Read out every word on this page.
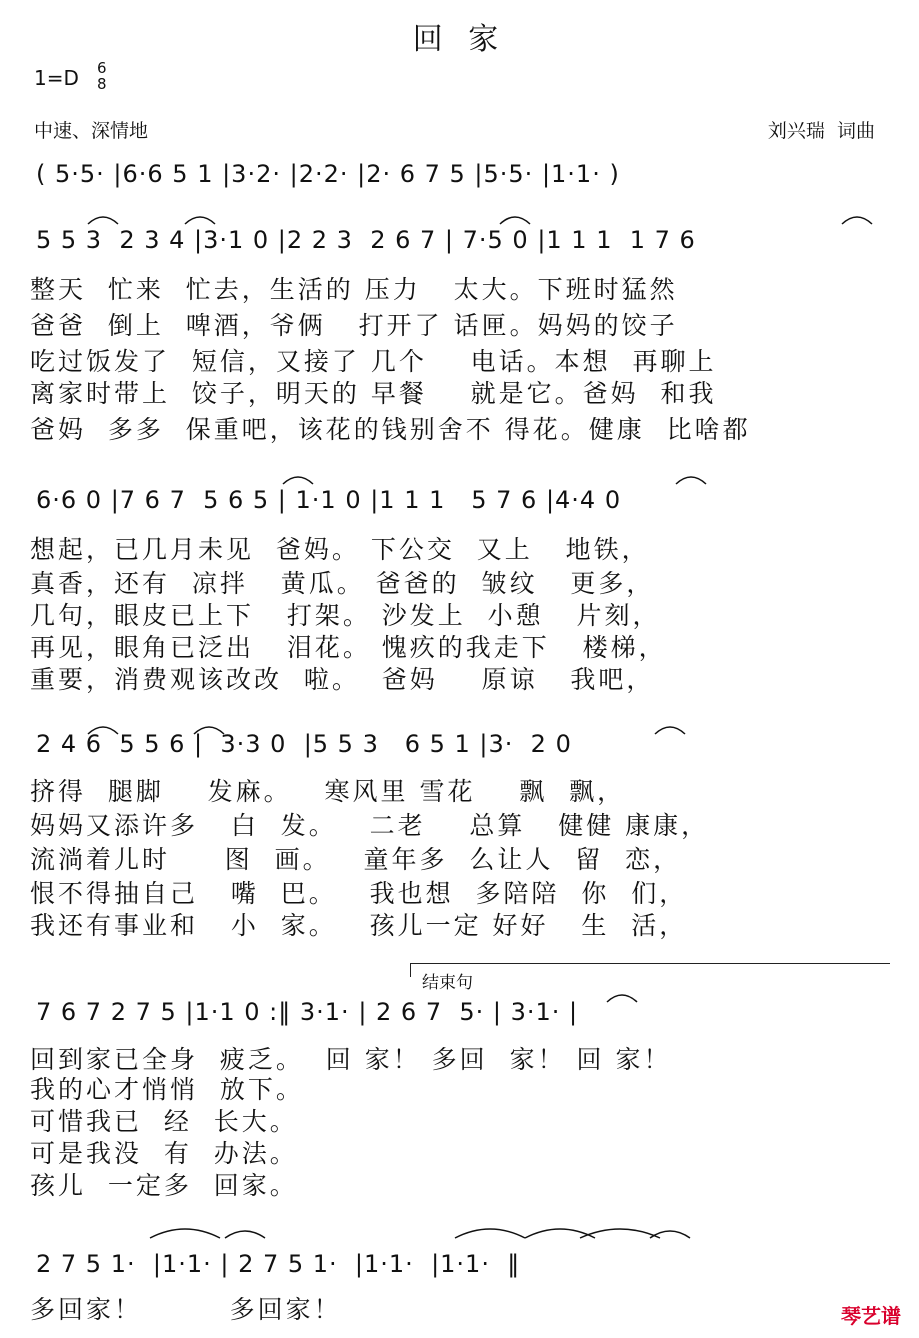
回 家
1=D 6
8
中速、深情地	刘兴瑞  词曲
( 5·5· |6·6 5 1 |3·2· |2·2· |2· 6 7 5 |5·5· |1·1· )
5 5 3  2 3 4 |3·1 0 |2 2 3  2 6 7 | 7·5 0 |1 1 1  1 7 6
整天  忙来  忙去，生活的 压力   太大。下班时猛然
爸爸  倒上  啤酒，爷俩   打开了 话匣。妈妈的饺子
吃过饭发了  短信，又接了 几个    电话。本想  再聊上
离家时带上  饺子，明天的 早餐    就是它。爸妈  和我
爸妈  多多  保重吧，该花的钱别舍不 得花。健康  比啥都
6·6 0 |7 6 7  5 6 5 | 1·1 0 |1 1 1   5 7 6 |4·4 0
想起，已几月未见  爸妈。 下公交  又上   地铁，
真香，还有  凉拌   黄瓜。 爸爸的  皱纹   更多，
几句，眼皮已上下   打架。 沙发上  小憩   片刻，
再见，眼角已泛出   泪花。 愧疚的我走下   楼梯，
重要，消费观该改改  啦。  爸妈    原谅   我吧，
2 4 6  5 5 6 |  3·3 0  |5 5 3   6 5 1 |3·  2 0
挤得  腿脚    发麻。   寒风里 雪花    飘  飘，
妈妈又添许多   白  发。   二老    总算   健健 康康，
流淌着儿时     图  画。   童年多  么让人  留  恋，
恨不得抽自己   嘴  巴。   我也想  多陪陪  你  们，
我还有事业和   小  家。   孩儿一定 好好   生  活，
结束句
7 6 7 2 7 5 |1·1 0 :‖ 3·1· | 2 6 7  5· | 3·1· |
回到家已全身  疲乏。  回 家！ 多回  家！ 回 家！
我的心才悄悄  放下。
可惜我已  经  长大。
可是我没  有  办法。
孩儿  一定多  回家。
2 7 5 1·  |1·1· | 2 7 5 1·  |1·1·  |1·1·  ‖
多回家！        多回家！	琴艺谱
